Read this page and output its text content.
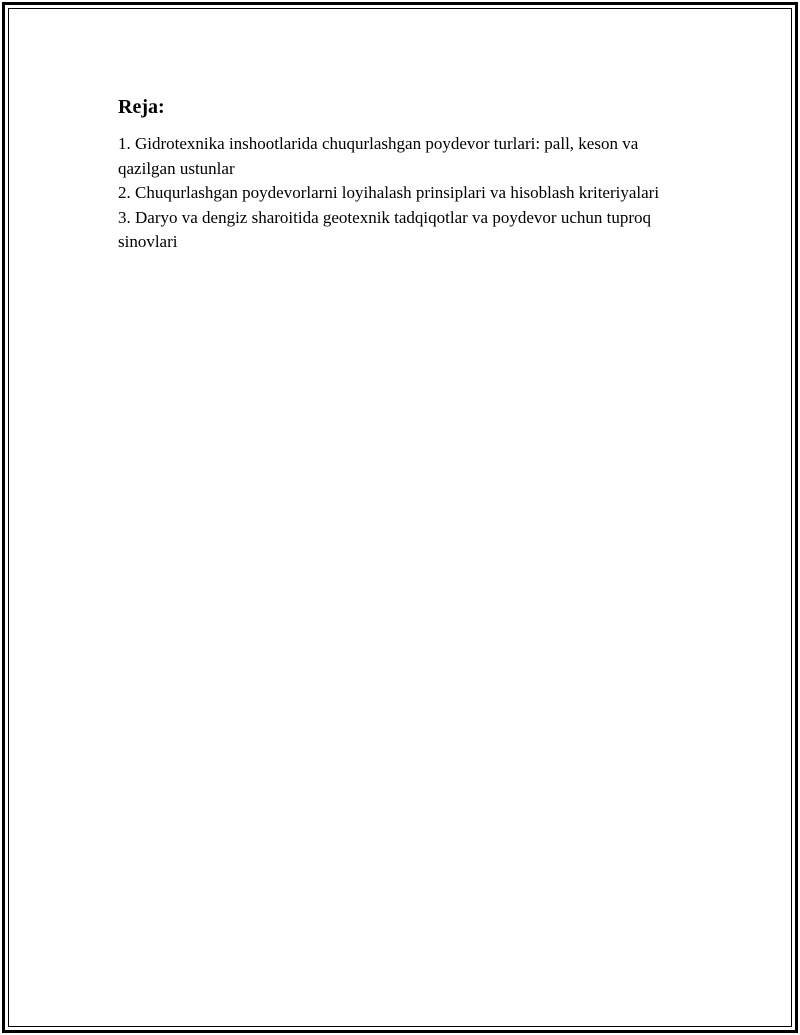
Reja:
1. Gidrotexnika inshootlarida chuqurlashgan poydevor turlari: pall, keson va qazilgan ustunlar
2. Chuqurlashgan poydevorlarni loyihalash prinsiplari va hisoblash kriteriyalari
3. Daryo va dengiz sharoitida geotexnik tadqiqotlar va poydevor uchun tuproq sinovlari
